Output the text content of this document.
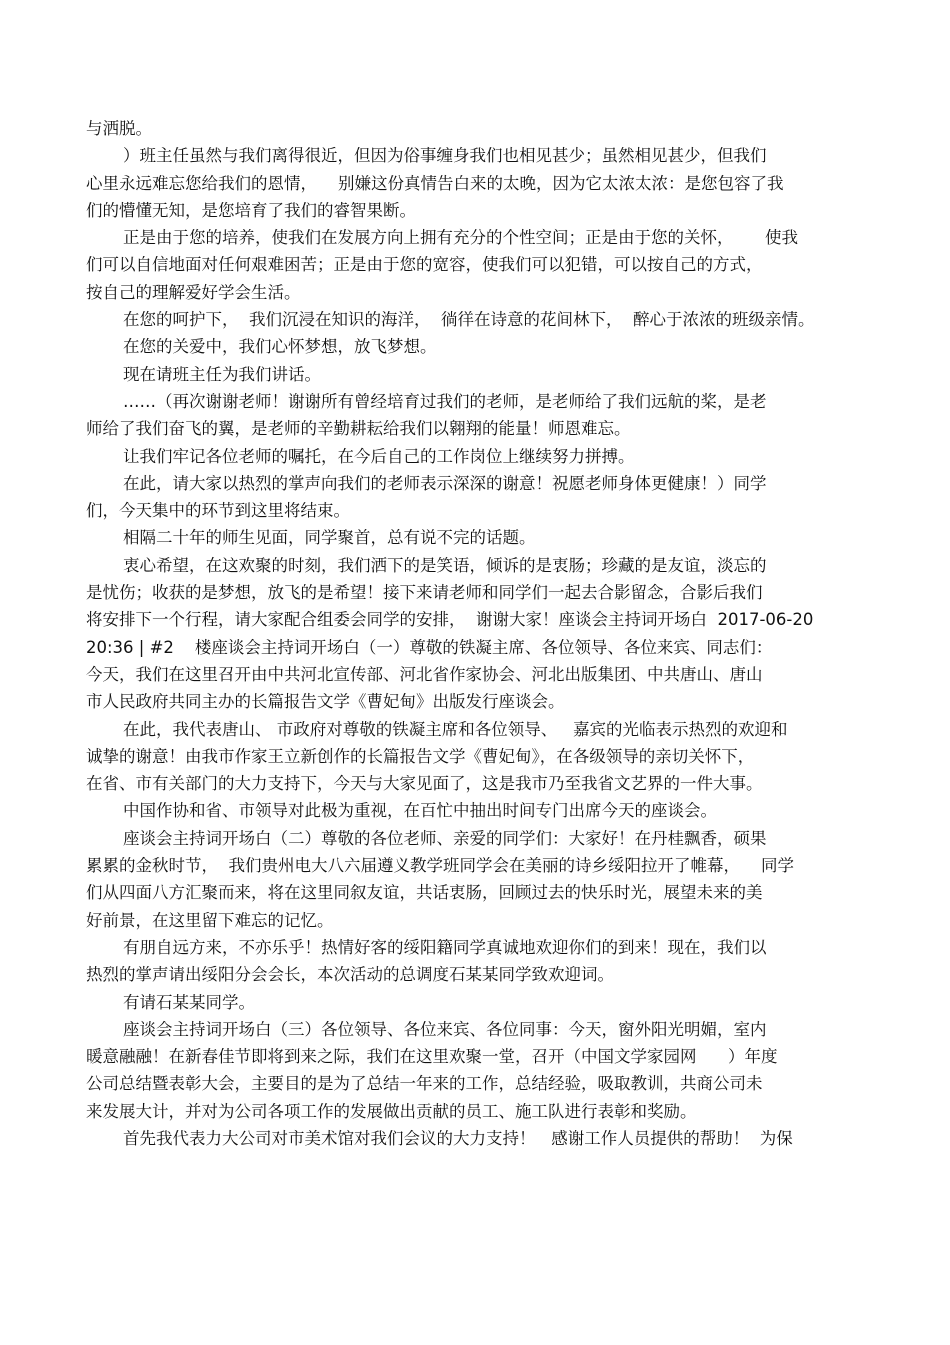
与洒脱。
）班主任虽然与我们离得很近，但因为俗事缠身我们也相见甚少；虽然相见甚少，但我们
心里永远难忘您给我们的恩情，    别嫌这份真情告白来的太晚，因为它太浓太浓：是您包容了我
们的懵懂无知，是您培育了我们的睿智果断。
正是由于您的培养，使我们在发展方向上拥有充分的个性空间；正是由于您的关怀，      使我
们可以自信地面对任何艰难困苦；正是由于您的宽容，使我们可以犯错，可以按自己的方式，
按自己的理解爱好学会生活。
在您的呵护下，  我们沉浸在知识的海洋，  徜徉在诗意的花间林下，  醉心于浓浓的班级亲情。
在您的关爱中，我们心怀梦想，放飞梦想。
现在请班主任为我们讲话。
……（再次谢谢老师！谢谢所有曾经培育过我们的老师，是老师给了我们远航的桨，是老
师给了我们奋飞的翼，是老师的辛勤耕耘给我们以翱翔的能量！师恩难忘。
让我们牢记各位老师的嘱托，在今后自己的工作岗位上继续努力拼搏。
在此，请大家以热烈的掌声向我们的老师表示深深的谢意！祝愿老师身体更健康！）同学
们，今天集中的环节到这里将结束。
相隔二十年的师生见面，同学聚首，总有说不完的话题。
衷心希望，在这欢聚的时刻，我们洒下的是笑语，倾诉的是衷肠；珍藏的是友谊，淡忘的
是忧伤；收获的是梦想，放飞的是希望！接下来请老师和同学们一起去合影留念，合影后我们
将安排下一个行程，请大家配合组委会同学的安排，  谢谢大家！座谈会主持词开场白  2017-06-20
20:36 | #2    楼座谈会主持词开场白（一）尊敬的铁凝主席、各位领导、各位来宾、同志们：
今天，我们在这里召开由中共河北宣传部、河北省作家协会、河北出版集团、中共唐山、唐山
市人民政府共同主办的长篇报告文学《曹妃甸》出版发行座谈会。
在此，我代表唐山、 市政府对尊敬的铁凝主席和各位领导、   嘉宾的光临表示热烈的欢迎和
诚挚的谢意！由我市作家王立新创作的长篇报告文学《曹妃甸》，在各级领导的亲切关怀下，
在省、市有关部门的大力支持下，今天与大家见面了，这是我市乃至我省文艺界的一件大事。
中国作协和省、市领导对此极为重视，在百忙中抽出时间专门出席今天的座谈会。
座谈会主持词开场白（二）尊敬的各位老师、亲爱的同学们：大家好！在丹桂飘香，硕果
累累的金秋时节，  我们贵州电大八六届遵义教学班同学会在美丽的诗乡绥阳拉开了帷幕，    同学
们从四面八方汇聚而来，将在这里同叙友谊，共话衷肠，回顾过去的快乐时光，展望未来的美
好前景，在这里留下难忘的记忆。
有朋自远方来，不亦乐乎！热情好客的绥阳籍同学真诚地欢迎你们的到来！现在，我们以
热烈的掌声请出绥阳分会会长，本次活动的总调度石某某同学致欢迎词。
有请石某某同学。
座谈会主持词开场白（三）各位领导、各位来宾、各位同事：今天，窗外阳光明媚，室内
暖意融融！在新春佳节即将到来之际，我们在这里欢聚一堂，召开（中国文学家园网      ）年度
公司总结暨表彰大会，主要目的是为了总结一年来的工作，总结经验，吸取教训，共商公司未
来发展大计，并对为公司各项工作的发展做出贡献的员工、施工队进行表彰和奖励。
首先我代表力大公司对市美术馆对我们会议的大力支持！   感谢工作人员提供的帮助！  为保
